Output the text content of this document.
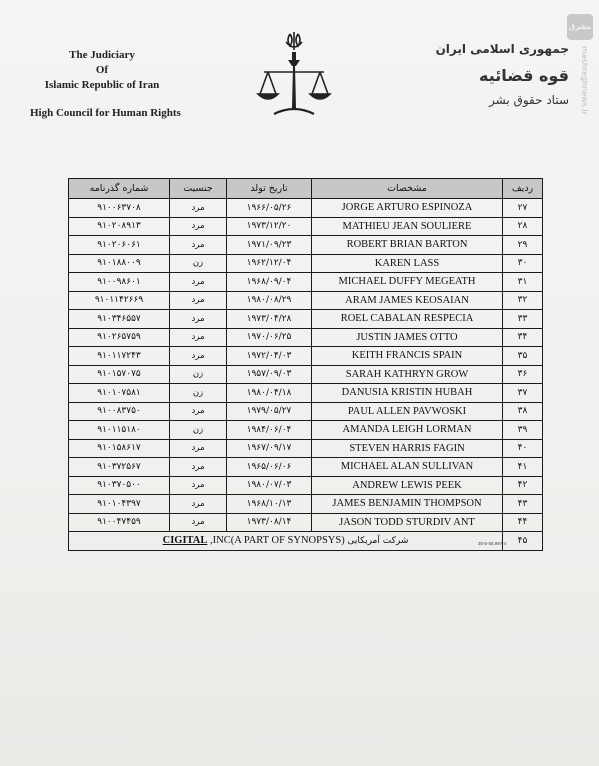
مشرق
mashreghnews.ir
The Judiciary
Of
Islamic Republic of Iran
High Council for Human Rights
جمهوری اسلامی ایران
قوه قضائیه
ستاد حقوق بشر
شماره گذرنامه	جنسیت	تاریخ تولد	مشخصات	ردیف
۹۱۰۰۶۳۷۰۸	مرد	۱۹۶۶/۰۵/۲۶	JORGE ARTURO ESPINOZA	۲۷
۹۱۰۲۰۸۹۱۳	مرد	۱۹۷۳/۱۲/۲۰	MATHIEU JEAN SOULIERE	۲۸
۹۱۰۲۰۶۰۶۱	مرد	۱۹۷۱/۰۹/۲۳	ROBERT BRIAN BARTON	۲۹
۹۱۰۱۸۸۰۰۹	زن	۱۹۶۲/۱۲/۰۴	KAREN LASS	۳۰
۹۱۰۰۹۸۶۰۱	مرد	۱۹۶۸/۰۹/۰۴	MICHAEL DUFFY MEGEATH	۳۱
۹۱۰۱۱۴۲۶۶۹	مرد	۱۹۸۰/۰۸/۲۹	ARAM JAMES KEOSAIAN	۳۲
۹۱۰۳۴۶۵۵۷	مرد	۱۹۷۳/۰۴/۲۸	ROEL CABALAN RESPECIA	۳۳
۹۱۰۲۶۵۷۵۹	مرد	۱۹۷۰/۰۶/۲۵	JUSTIN JAMES OTTO	۳۴
۹۱۰۱۱۷۲۴۳	مرد	۱۹۷۲/۰۴/۰۳	KEITH FRANCIS SPAIN	۳۵
۹۱۰۱۵۷۰۷۵	زن	۱۹۵۷/۰۹/۰۳	SARAH KATHRYN GROW	۳۶
۹۱۰۱۰۷۵۸۱	زن	۱۹۸۰/۰۴/۱۸	DANUSIA KRISTIN HUBAH	۳۷
۹۱۰۰۸۳۷۵۰	مرد	۱۹۷۹/۰۵/۲۷	PAUL ALLEN PAVWOSKI	۳۸
۹۱۰۱۱۵۱۸۰	زن	۱۹۸۴/۰۶/۰۴	AMANDA LEIGH LORMAN	۳۹
۹۱۰۱۵۸۶۱۷	مرد	۱۹۶۷/۰۹/۱۷	STEVEN HARRIS FAGIN	۴۰
۹۱۰۳۷۲۵۶۷	مرد	۱۹۶۵/۰۶/۰۶	MICHAEL ALAN SULLIVAN	۴۱
۹۱۰۳۷۰۵۰۰	مرد	۱۹۸۰/۰۷/۰۳	ANDREW LEWIS PEEK	۴۲
۹۱۰۱۰۴۳۹۷	مرد	۱۹۶۸/۱۰/۱۳	JAMES BENJAMIN THOMPSON	۴۳
۹۱۰۰۴۷۴۵۹	مرد	۱۹۷۳/۰۸/۱۴	JASON TODD STURDIV ANT	۴۴
CIGITAL ,INC(A PART OF SYNOPSYS) شرکت آمریکایی				۴۵
30-5-56.997-4
